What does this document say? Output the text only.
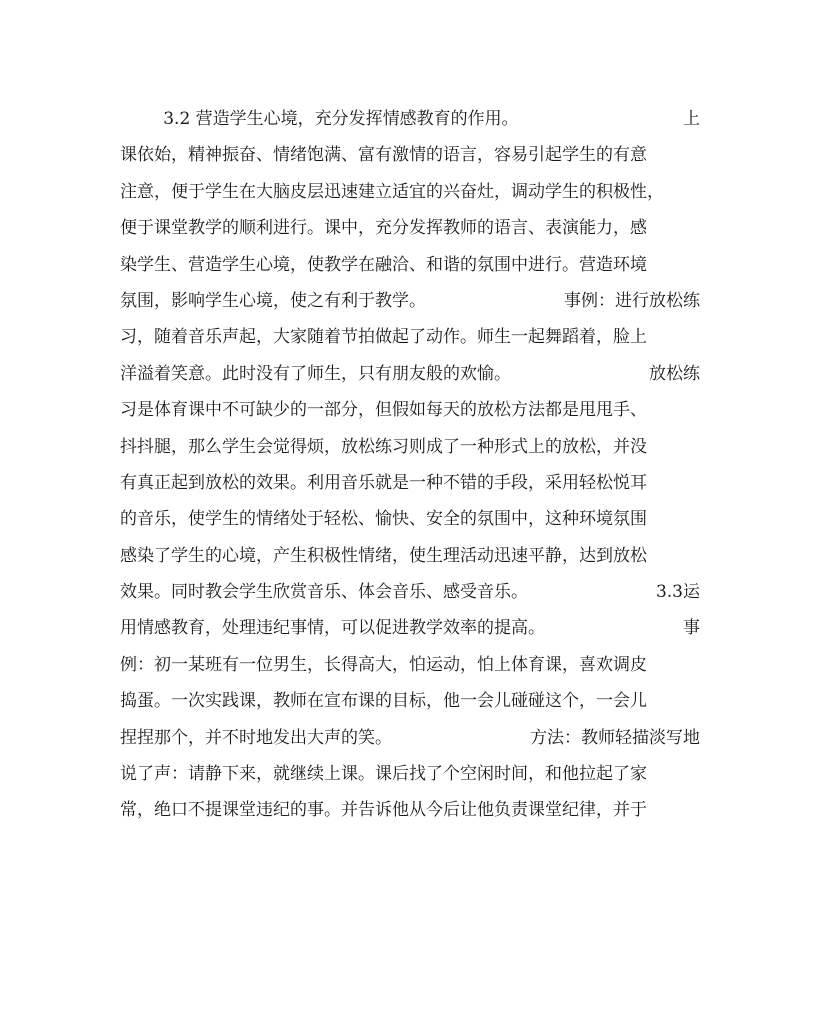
3.2 营造学生心境，充分发挥情感教育的作用。	上
课依始，精神振奋、情绪饱满、富有激情的语言，容易引起学生的有意
注意，便于学生在大脑皮层迅速建立适宜的兴奋灶，调动学生的积极性，
便于课堂教学的顺利进行。课中，充分发挥教师的语言、表演能力，感
染学生、营造学生心境，使教学在融洽、和谐的氛围中进行。营造环境
氛围，影响学生心境，使之有利于教学。	事例：进行放松练
习，随着音乐声起，大家随着节拍做起了动作。师生一起舞蹈着，脸上
洋溢着笑意。此时没有了师生，只有朋友般的欢愉。	放松练
习是体育课中不可缺少的一部分，但假如每天的放松方法都是甩甩手、
抖抖腿，那么学生会觉得烦，放松练习则成了一种形式上的放松，并没
有真正起到放松的效果。利用音乐就是一种不错的手段，采用轻松悦耳
的音乐，使学生的情绪处于轻松、愉快、安全的氛围中，这种环境氛围
感染了学生的心境，产生积极性情绪，使生理活动迅速平静，达到放松
效果。同时教会学生欣赏音乐、体会音乐、感受音乐。	3.3运
用情感教育，处理违纪事情，可以促进教学效率的提高。	事
例：初一某班有一位男生，长得高大，怕运动，怕上体育课，喜欢调皮
捣蛋。一次实践课，教师在宣布课的目标，他一会儿碰碰这个，一会儿
捏捏那个，并不时地发出大声的笑。	方法：教师轻描淡写地
说了声：请静下来，就继续上课。课后找了个空闲时间，和他拉起了家
常，绝口不提课堂违纪的事。并告诉他从今后让他负责课堂纪律，并于
